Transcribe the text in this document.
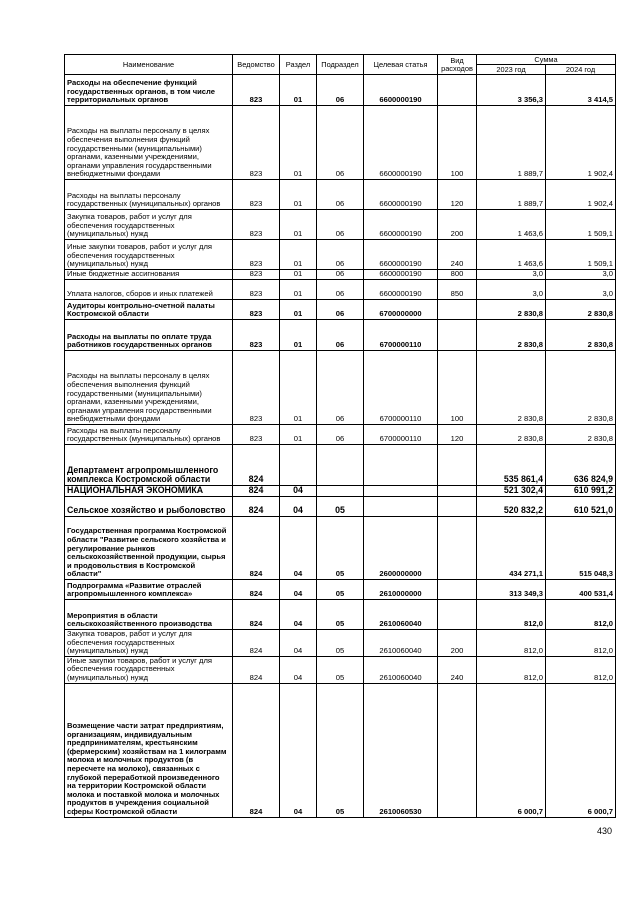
Наименование	Ведомство	Раздел	Подраздел	Целевая статья	Вид расходов	Сумма	
						2023 год	2024 год
Расходы на обеспечение функций государственных органов, в том числе территориальных органов	823	01	06	6600000190		3 356,3	3 414,5
Расходы на выплаты персоналу в целях обеспечения выполнения функций государственными (муниципальными) органами, казенными учреждениями, органами управления государственными внебюджетными фондами	823	01	06	6600000190	100	1 889,7	1 902,4
Расходы на выплаты персоналу государственных (муниципальных) органов	823	01	06	6600000190	120	1 889,7	1 902,4
Закупка товаров, работ и услуг для обеспечения государственных (муниципальных) нужд	823	01	06	6600000190	200	1 463,6	1 509,1
Иные закупки товаров, работ и услуг для обеспечения государственных (муниципальных) нужд	823	01	06	6600000190	240	1 463,6	1 509,1
Иные бюджетные ассигнования	823	01	06	6600000190	800	3,0	3,0
Уплата налогов, сборов и иных платежей	823	01	06	6600000190	850	3,0	3,0
Аудиторы контрольно-счетной палаты Костромской области	823	01	06	6700000000		2 830,8	2 830,8
Расходы на выплаты по оплате труда работников государственных органов	823	01	06	6700000110		2 830,8	2 830,8
Расходы на выплаты персоналу в целях обеспечения выполнения функций государственными (муниципальными) органами, казенными учреждениями, органами управления государственными внебюджетными фондами	823	01	06	6700000110	100	2 830,8	2 830,8
Расходы на выплаты персоналу государственных (муниципальных) органов	823	01	06	6700000110	120	2 830,8	2 830,8
Департамент агропромышленного комплекса Костромской области	824					535 861,4	636 824,9
НАЦИОНАЛЬНАЯ ЭКОНОМИКА	824	04				521 302,4	610 991,2
Сельское хозяйство и рыболовство	824	04	05			520 832,2	610 521,0
Государственная программа Костромской области "Развитие сельского хозяйства и регулирование рынков сельскохозяйственной продукции, сырья и продовольствия в Костромской области"	824	04	05	2600000000		434 271,1	515 048,3
Подпрограмма «Развитие отраслей агропромышленного комплекса»	824	04	05	2610000000		313 349,3	400 531,4
Мероприятия в области сельскохозяйственного производства	824	04	05	2610060040		812,0	812,0
Закупка товаров, работ и услуг для обеспечения государственных (муниципальных) нужд	824	04	05	2610060040	200	812,0	812,0
Иные закупки товаров, работ и услуг для обеспечения государственных (муниципальных) нужд	824	04	05	2610060040	240	812,0	812,0
Возмещение части затрат предприятиям, организациям, индивидуальным предпринимателям, крестьянским (фермерским) хозяйствам на 1 килограмм молока и молочных продуктов (в пересчете на молоко), связанных с глубокой переработкой произведенного на территории Костромской области молока и поставкой молока и молочных продуктов в учреждения социальной сферы Костромской области	824	04	05	2610060530		6 000,7	6 000,7
430
